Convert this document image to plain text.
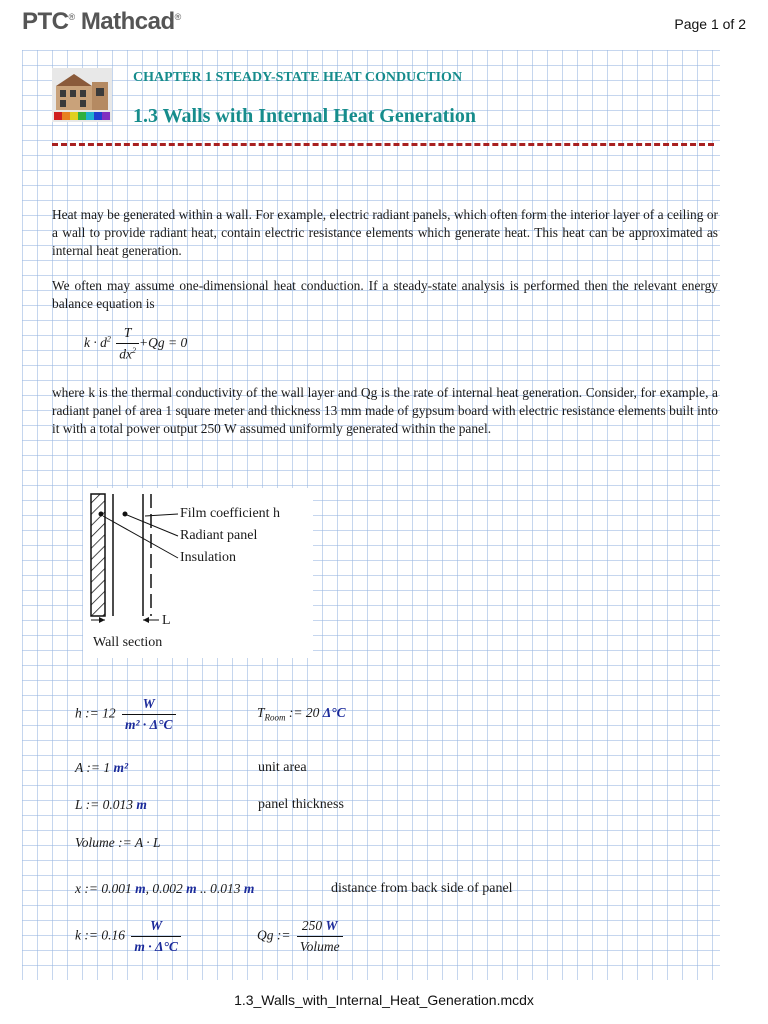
PTC® Mathcad®	Page 1 of 2
CHAPTER 1 STEADY-STATE HEAT CONDUCTION
1.3 Walls with Internal Heat Generation
Heat may be generated within a wall. For example, electric radiant panels, which often form the interior layer of a ceiling or a wall to provide radiant heat, contain electric resistance elements which generate heat. This heat can be approximated as internal heat generation.
We often may assume one-dimensional heat conduction. If a steady-state analysis is performed then the relevant energy balance equation is
$k \cdot d^2 \frac{T}{dx^2} +Qg = 0$
where k is the thermal conductivity of the wall layer and Qg is the rate of internal heat generation. Consider, for example, a radiant panel of area 1 square meter and thickness 13 mm made of gypsum board with electric resistance elements built into it with a total power output 250 W assumed uniformly generated within the panel.
Film coefficient h
Radiant panel
Insulation
L
Wall section
h := $12 \frac{W}{\text{m² · Δ°C}}$	$T_{Room}$ := 20 Δ°C
A := 1 m²	unit area
L := 0.013 m	panel thickness
Volume := A · L
x := 0.001 m, 0.002 m .. 0.013 m	distance from back side of panel
k := $0.16 \frac{W}{m \cdot \Delta^\circ C}$	Qg := $\frac{250 W}{\text{Volume}}$
1.3_Walls_with_Internal_Heat_Generation.mcdx
